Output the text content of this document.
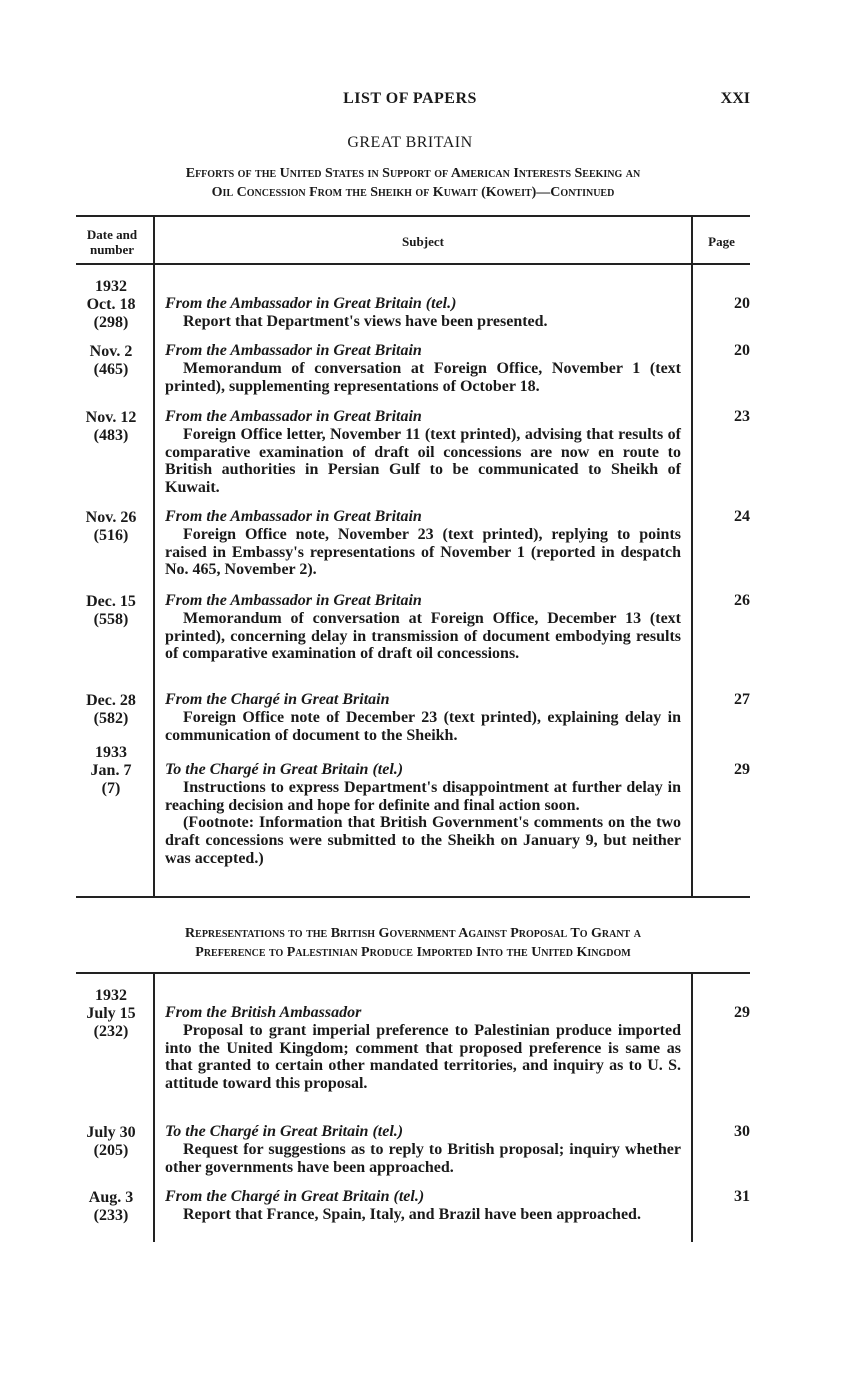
LIST OF PAPERS	XXI
GREAT BRITAIN
Efforts of the United States in Support of American Interests Seeking an
Oil Concession From the Sheikh of Kuwait (Koweit)—Continued
Date and number
Subject	Page
1932
Oct. 18
(298)
From the Ambassador in Great Britain (tel.)
Report that Department's views have been presented.
20
Nov. 2
(465)
From the Ambassador in Great Britain
Memorandum of conversation at Foreign Office, November 1 (text printed), supplementing representations of October 18.
20
Nov. 12
(483)
From the Ambassador in Great Britain
Foreign Office letter, November 11 (text printed), advising that results of comparative examination of draft oil concessions are now en route to British authorities in Persian Gulf to be communicated to Sheikh of Kuwait.
23
Nov. 26
(516)
From the Ambassador in Great Britain
Foreign Office note, November 23 (text printed), replying to points raised in Embassy's representations of November 1 (reported in despatch No. 465, November 2).
24
Dec. 15
(558)
From the Ambassador in Great Britain
Memorandum of conversation at Foreign Office, December 13 (text printed), concerning delay in transmission of document embodying results of comparative examination of draft oil concessions.
26
Dec. 28
(582)
From the Chargé in Great Britain
Foreign Office note of December 23 (text printed), explaining delay in communication of document to the Sheikh.
27
1933
Jan. 7
(7)
To the Chargé in Great Britain (tel.)
Instructions to express Department's disappointment at further delay in reaching decision and hope for definite and final action soon.
(Footnote: Information that British Government's comments on the two draft concessions were submitted to the Sheikh on January 9, but neither was accepted.)
29
Representations to the British Government Against Proposal To Grant a
Preference to Palestinian Produce Imported Into the United Kingdom
1932
July 15
(232)
From the British Ambassador
Proposal to grant imperial preference to Palestinian produce imported into the United Kingdom; comment that proposed preference is same as that granted to certain other mandated territories, and inquiry as to U. S. attitude toward this proposal.
29
July 30
(205)
To the Chargé in Great Britain (tel.)
Request for suggestions as to reply to British proposal; inquiry whether other governments have been approached.
30
Aug. 3
(233)
From the Chargé in Great Britain (tel.)
Report that France, Spain, Italy, and Brazil have been approached.
31
